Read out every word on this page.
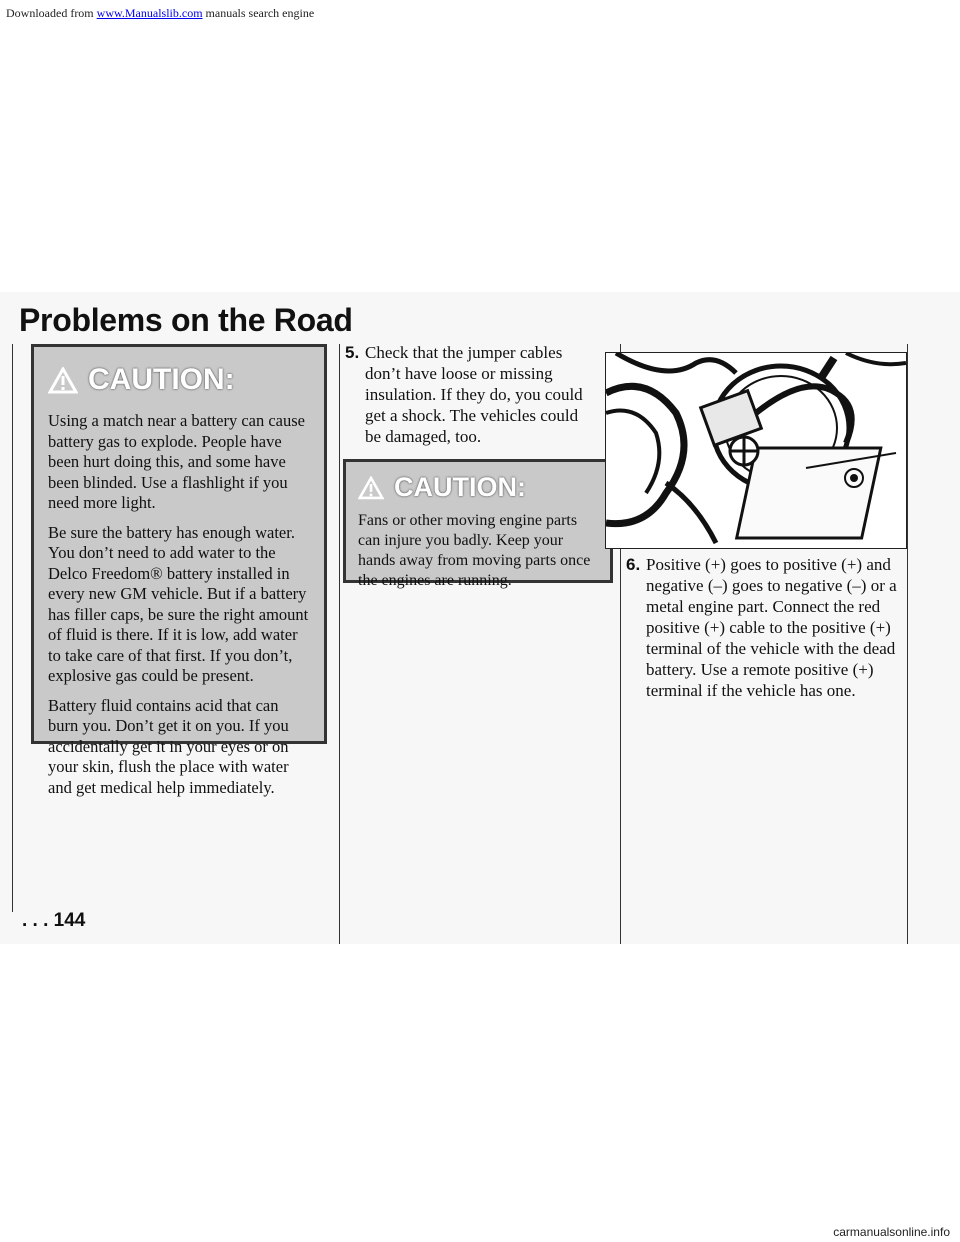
Downloaded from www.Manualslib.com manuals search engine
Problems on the Road
CAUTION:

Using a match near a battery can cause battery gas to explode. People have been hurt doing this, and some have been blinded. Use a flashlight if you need more light.

Be sure the battery has enough water. You don’t need to add water to the Delco Freedom® battery installed in every new GM vehicle. But if a battery has filler caps, be sure the right amount of fluid is there. If it is low, add water to take care of that first. If you don’t, explosive gas could be present.

Battery fluid contains acid that can burn you. Don’t get it on you. If you accidentally get it in your eyes or on your skin, flush the place with water and get medical help immediately.

5. Check that the jumper cables don’t have loose or missing insulation. If they do, you could get a shock. The vehicles could be damaged, too.
CAUTION:

Fans or other moving engine parts can injure you badly. Keep your hands away from moving parts once the engines are running.

6. Positive (+) goes to positive (+) and negative (–) goes to negative (–) or a metal engine part. Connect the red positive (+) cable to the positive (+) terminal of the vehicle with the dead battery. Use a remote positive (+) terminal if the vehicle has one.
. . . 144
carmanualsonline.info
